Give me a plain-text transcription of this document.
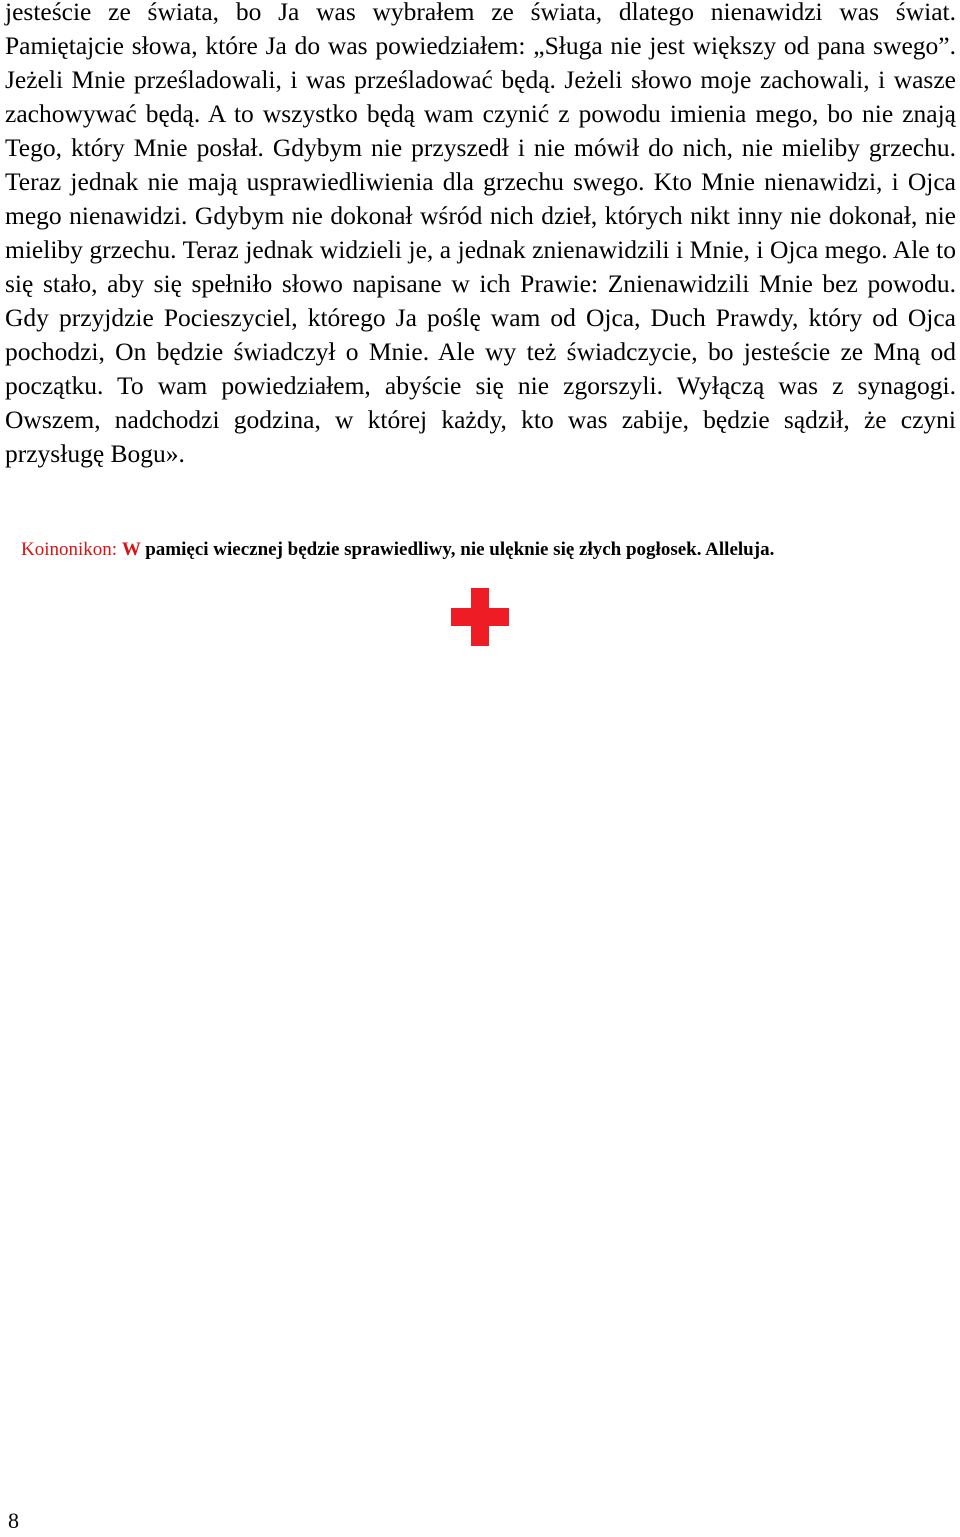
jesteście ze świata, bo Ja was wybrałem ze świata, dlatego nienawidzi was świat. Pamiętajcie słowa, które Ja do was powiedziałem: „Sługa nie jest większy od pana swego”. Jeżeli Mnie prześladowali, i was prześladować będą. Jeżeli słowo moje zachowali, i wasze zachowywać będą. A to wszystko będą wam czynić z powodu imienia mego, bo nie znają Tego, który Mnie posłał. Gdybym nie przyszedł i nie mówił do nich, nie mieliby grzechu. Teraz jednak nie mają usprawiedliwienia dla grzechu swego. Kto Mnie nienawidzi, i Ojca mego nienawidzi. Gdybym nie dokonał wśród nich dzieł, których nikt inny nie dokonał, nie mieliby grzechu. Teraz jednak widzieli je, a jednak znienawidzili i Mnie, i Ojca mego. Ale to się stało, aby się spełniło słowo napisane w ich Prawie: Znienawidzili Mnie bez powodu. Gdy przyjdzie Pocieszyciel, którego Ja poślę wam od Ojca, Duch Prawdy, który od Ojca pochodzi, On będzie świadczył o Mnie. Ale wy też świadczycie, bo jesteście ze Mną od początku. To wam powiedziałem, abyście się nie zgorszyli. Wyłączą was z synagogi. Owszem, nadchodzi godzina, w której każdy, kto was zabije, będzie sądził, że czyni przysługę Bogu».

Koinonikon: W pamięci wiecznej będzie sprawiedliwy, nie ulęknie się złych pogłosek. Alleluja.

8
